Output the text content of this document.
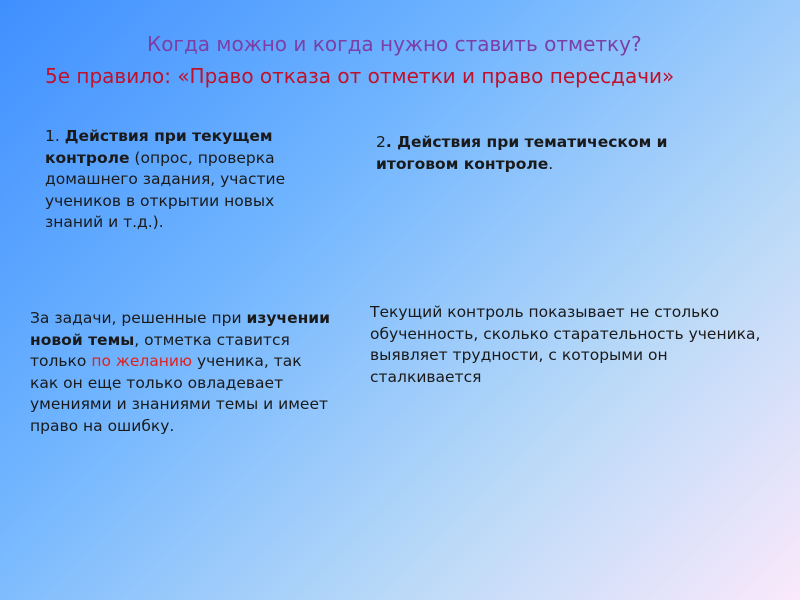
Когда можно и когда нужно ставить отметку?
5е правило: «Право отказа от отметки и право пересдачи»
1. Действия при текущем контроле (опрос, проверка домашнего задания, участие учеников в открытии новых знаний и т.д.).
2. Действия при тематическом и итоговом контроле.
За задачи, решенные при изучении новой темы, отметка ставится только по желанию ученика, так как он еще только овладевает умениями и знаниями темы и имеет право на ошибку.
Текущий контроль показывает не столько обученность, сколько старательность ученика, выявляет трудности, с которыми он сталкивается
